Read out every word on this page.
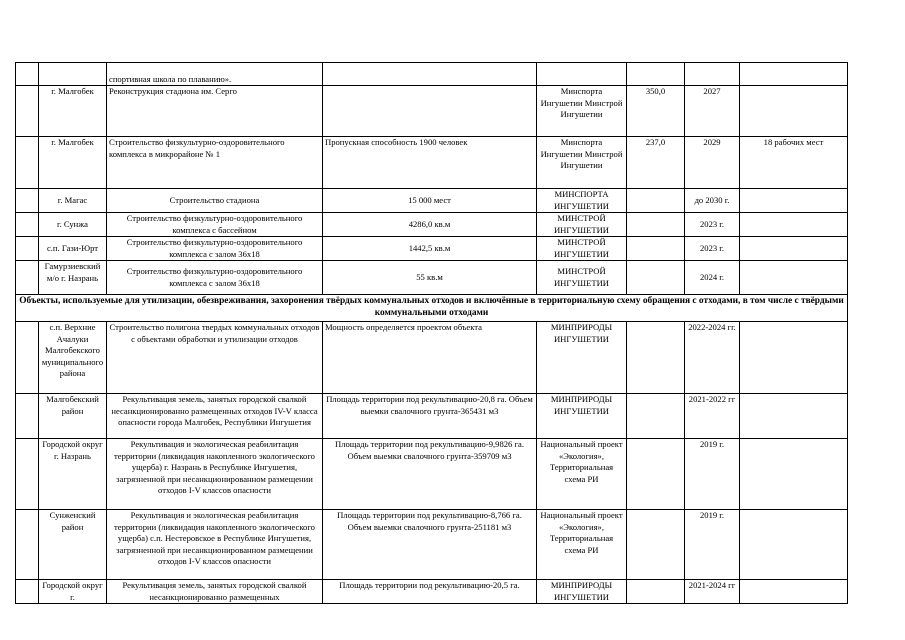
		спортивная школа по плаванию».					
	г. Малгобек	Реконструкция стадиона им. Серго		Минспорта Ингушетии Минстрой Ингушетии	350,0	2027	
	г. Малгобек	Строительство физкультурно-оздоровительного комплекса в микрорайоне № 1	Пропускная способность 1900 человек	Минспорта Ингушетии Минстрой Ингушетии	237,0	2029	18 рабочих мест
	г. Магас	Строительство стадиона	15 000 мест	МИНСПОРТА ИНГУШЕТИИ		до 2030 г.	
	г. Сунжа	Строительство физкультурно-оздоровительного комплекса с бассейном	4286,0 кв.м	МИНСТРОЙ ИНГУШЕТИИ		2023 г.	
	с.п. Гази-Юрт	Строительство физкультурно-оздоровительного комплекса с залом 36х18	1442,5 кв.м	МИНСТРОЙ ИНГУШЕТИИ		2023 г.	
	Гамурзиевский м/о г. Назрань	Строительство физкультурно-оздоровительного комплекса с залом 36х18	55 кв.м	МИНСТРОЙ ИНГУШЕТИИ		2024 г.	
Объекты, используемые для утилизации, обезвреживания, захоронения твёрдых коммунальных отходов и включённые в территориальную схему обращения с отходами, в том числе с твёрдыми коммунальными отходами							
	с.п. Верхние Ачалуки Малгобекского муниципального района	Строительство полигона твердых коммунальных отходов с объектами обработки и утилизации отходов	Мощность определяется проектом объекта	МИНПРИРОДЫ ИНГУШЕТИИ		2022-2024 гг.	
	Малгобекский район	Рекультивация земель, занятых городской свалкой несанкционированно размещенных отходов IV-V класса опасности города Малгобек, Республики Ингушетия	Площадь территории под рекультивацию-20,8 га. Объем выемки свалочного грунта-365431 м3	МИНПРИРОДЫ ИНГУШЕТИИ		2021-2022 гг	
	Городской округ г. Назрань	Рекультивация и экологическая реабилитация территории (ликвидация накопленного экологического ущерба) г. Назрань в Республике Ингушетия, загрязненной при несанкционированном размещении отходов I-V классов опасности	Площадь территории под рекультивацию-9,9826 га. Объем выемки свалочного грунта-359709 м3	Национальный проект «Экология», Территориальная схема РИ		2019 г.	
	Сунженский район	Рекультивация и экологическая реабилитация территории (ликвидация накопленного экологического ущерба) с.п. Нестеровское в Республике Ингушетия, загрязненной при несанкционированном размещении отходов I-V классов опасности	Площадь территории под рекультивацию-8,766 га. Объем выемки свалочного грунта-251181 м3	Национальный проект «Экология», Территориальная схема РИ		2019 г.	
	Городской округ г.	Рекультивация земель, занятых городской свалкой несанкционированно размещенных	Площадь территории под рекультивацию-20,5 га.	МИНПРИРОДЫ ИНГУШЕТИИ		2021-2024 гг	
